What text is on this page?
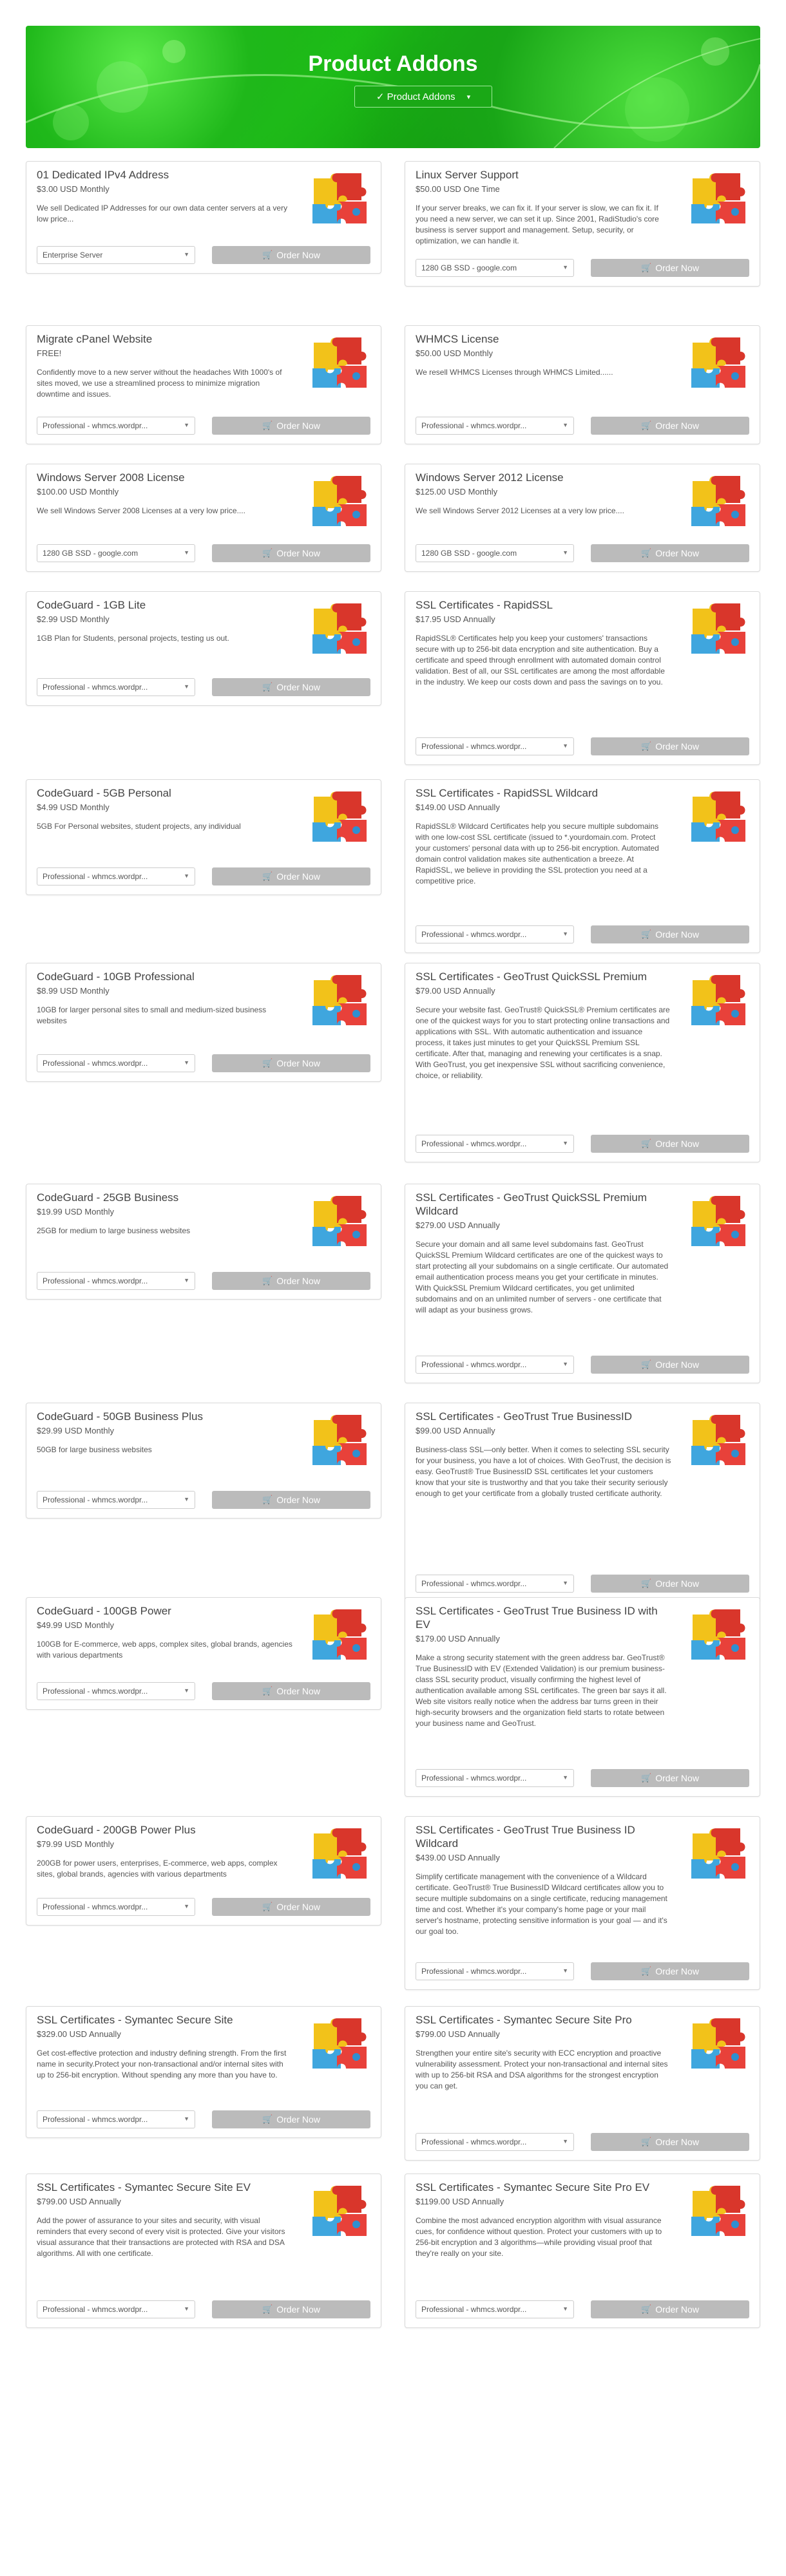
Product Addons
✓ Product Addons ▾
01 Dedicated IPv4 Address
$3.00 USD Monthly
We sell Dedicated IP Addresses for our own data center servers at a very low price...
Enterprise Server	▼	🛒 Order Now
Linux Server Support
$50.00 USD One Time
If your server breaks, we can fix it. If your server is slow, we can fix it. If you need a new server, we can set it up. Since 2001, RadiStudio's core business is server support and management. Setup, security, or optimization, we can handle it.
1280 GB SSD - google.com	▼	🛒 Order Now
Migrate cPanel Website
FREE!
Confidently move to a new server without the headaches With 1000's of sites moved, we use a streamlined process to minimize migration downtime and issues.
Professional - whmcs.wordpr...	▼	🛒 Order Now
WHMCS License
$50.00 USD Monthly
We resell WHMCS Licenses through WHMCS Limited......
Professional - whmcs.wordpr...	▼	🛒 Order Now
Windows Server 2008 License
$100.00 USD Monthly
We sell Windows Server 2008 Licenses at a very low price....
1280 GB SSD - google.com	▼	🛒 Order Now
Windows Server 2012 License
$125.00 USD Monthly
We sell Windows Server 2012 Licenses at a very low price....
1280 GB SSD - google.com	▼	🛒 Order Now
CodeGuard - 1GB Lite
$2.99 USD Monthly
1GB Plan for Students, personal projects, testing us out.
Professional - whmcs.wordpr...	▼	🛒 Order Now
SSL Certificates - RapidSSL
$17.95 USD Annually
RapidSSL® Certificates help you keep your customers' transactions secure with up to 256-bit data encryption and site authentication. Buy a certificate and speed through enrollment with automated domain control validation. Best of all, our SSL certificates are among the most affordable in the industry. We keep our costs down and pass the savings on to you.
Professional - whmcs.wordpr...	▼	🛒 Order Now
CodeGuard - 5GB Personal
$4.99 USD Monthly
5GB For Personal websites, student projects, any individual
Professional - whmcs.wordpr...	▼	🛒 Order Now
SSL Certificates - RapidSSL Wildcard
$149.00 USD Annually
RapidSSL® Wildcard Certificates help you secure multiple subdomains with one low-cost SSL certificate (issued to *.yourdomain.com. Protect your customers' personal data with up to 256-bit encryption. Automated domain control validation makes site authentication a breeze. At RapidSSL, we believe in providing the SSL protection you need at a competitive price.
Professional - whmcs.wordpr...	▼	🛒 Order Now
CodeGuard - 10GB Professional
$8.99 USD Monthly
10GB for larger personal sites to small and medium-sized business websites
Professional - whmcs.wordpr...	▼	🛒 Order Now
SSL Certificates - GeoTrust QuickSSL Premium
$79.00 USD Annually
Secure your website fast. GeoTrust® QuickSSL® Premium certificates are one of the quickest ways for you to start protecting online transactions and applications with SSL. With automatic authentication and issuance process, it takes just minutes to get your QuickSSL Premium SSL certificate. After that, managing and renewing your certificates is a snap. With GeoTrust, you get inexpensive SSL without sacrificing convenience, choice, or reliability.
Professional - whmcs.wordpr...	▼	🛒 Order Now
CodeGuard - 25GB Business
$19.99 USD Monthly
25GB for medium to large business websites
Professional - whmcs.wordpr...	▼	🛒 Order Now
SSL Certificates - GeoTrust QuickSSL Premium Wildcard
$279.00 USD Annually
Secure your domain and all same level subdomains fast. GeoTrust QuickSSL Premium Wildcard certificates are one of the quickest ways to start protecting all your subdomains on a single certificate. Our automated email authentication process means you get your certificate in minutes. With QuickSSL Premium Wildcard certificates, you get unlimited subdomains and on an unlimited number of servers - one certificate that will adapt as your business grows.
Professional - whmcs.wordpr...	▼	🛒 Order Now
CodeGuard - 50GB Business Plus
$29.99 USD Monthly
50GB for large business websites
Professional - whmcs.wordpr...	▼	🛒 Order Now
SSL Certificates - GeoTrust True BusinessID
$99.00 USD Annually
Business-class SSL—only better. When it comes to selecting SSL security for your business, you have a lot of choices. With GeoTrust, the decision is easy. GeoTrust® True BusinessID SSL certificates let your customers know that your site is trustworthy and that you take their security seriously enough to get your certificate from a globally trusted certificate authority.
Professional - whmcs.wordpr...	▼	🛒 Order Now
CodeGuard - 100GB Power
$49.99 USD Monthly
100GB for E-commerce, web apps, complex sites, global brands, agencies with various departments
Professional - whmcs.wordpr...	▼	🛒 Order Now
SSL Certificates - GeoTrust True Business ID with EV
$179.00 USD Annually
Make a strong security statement with the green address bar. GeoTrust® True BusinessID with EV (Extended Validation) is our premium business-class SSL security product, visually confirming the highest level of authentication available among SSL certificates. The green bar says it all. Web site visitors really notice when the address bar turns green in their high-security browsers and the organization field starts to rotate between your business name and GeoTrust.
Professional - whmcs.wordpr...	▼	🛒 Order Now
CodeGuard - 200GB Power Plus
$79.99 USD Monthly
200GB for power users, enterprises, E-commerce, web apps, complex sites, global brands, agencies with various departments
Professional - whmcs.wordpr...	▼	🛒 Order Now
SSL Certificates - GeoTrust True Business ID Wildcard
$439.00 USD Annually
Simplify certificate management with the convenience of a Wildcard certificate. GeoTrust® True BusinessID Wildcard certificates allow you to secure multiple subdomains on a single certificate, reducing management time and cost. Whether it's your company's home page or your mail server's hostname, protecting sensitive information is your goal — and it's our goal too.
Professional - whmcs.wordpr...	▼	🛒 Order Now
SSL Certificates - Symantec Secure Site
$329.00 USD Annually
Get cost-effective protection and industry defining strength. From the first name in security.Protect your non-transactional and/or internal sites with up to 256-bit encryption. Without spending any more than you have to.
Professional - whmcs.wordpr...	▼	🛒 Order Now
SSL Certificates - Symantec Secure Site Pro
$799.00 USD Annually
Strengthen your entire site's security with ECC encryption and proactive vulnerability assessment. Protect your non-transactional and internal sites with up to 256-bit RSA and DSA algorithms for the strongest encryption you can get.
Professional - whmcs.wordpr...	▼	🛒 Order Now
SSL Certificates - Symantec Secure Site EV
$799.00 USD Annually
Add the power of assurance to your sites and security, with visual reminders that every second of every visit is protected. Give your visitors visual assurance that their transactions are protected with RSA and DSA algorithms. All with one certificate.
Professional - whmcs.wordpr...	▼	🛒 Order Now
SSL Certificates - Symantec Secure Site Pro EV
$1199.00 USD Annually
Combine the most advanced encryption algorithm with visual assurance cues, for confidence without question. Protect your customers with up to 256-bit encryption and 3 algorithms—while providing visual proof that they're really on your site.
Professional - whmcs.wordpr...	▼	🛒 Order Now
